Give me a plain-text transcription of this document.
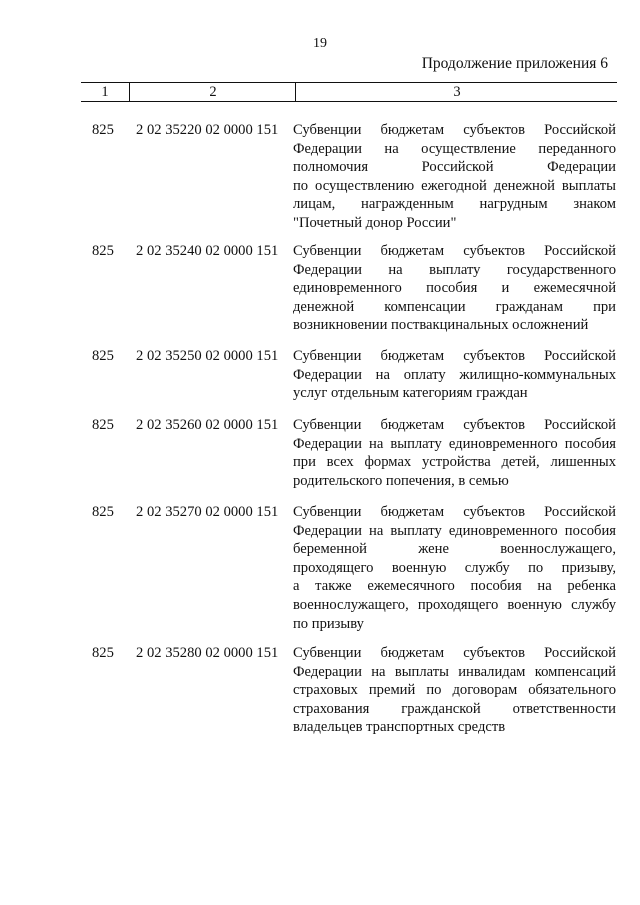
19
Продолжение приложения 6
1	2	3
825 2 02 35220 02 0000 151 Субвенции бюджетам субъектов Российской
Федерации на осуществление переданного
полномочия Российской Федерации
по осуществлению ежегодной денежной выплаты
лицам, награжденным нагрудным знаком
"Почетный донор России"
825 2 02 35240 02 0000 151 Субвенции бюджетам субъектов Российской
Федерации на выплату государственного
единовременного пособия и ежемесячной
денежной компенсации гражданам при
возникновении поствакцинальных осложнений
825 2 02 35250 02 0000 151 Субвенции бюджетам субъектов Российской
Федерации на оплату жилищно-коммунальных
услуг отдельным категориям граждан
825 2 02 35260 02 0000 151 Субвенции бюджетам субъектов Российской
Федерации на выплату единовременного пособия
при всех формах устройства детей, лишенных
родительского попечения, в семью
825 2 02 35270 02 0000 151 Субвенции бюджетам субъектов Российской
Федерации на выплату единовременного пособия
беременной жене военнослужащего,
проходящего военную службу по призыву,
а также ежемесячного пособия на ребенка
военнослужащего, проходящего военную службу
по призыву
825 2 02 35280 02 0000 151 Субвенции бюджетам субъектов Российской
Федерации на выплаты инвалидам компенсаций
страховых премий по договорам обязательного
страхования гражданской ответственности
владельцев транспортных средств
